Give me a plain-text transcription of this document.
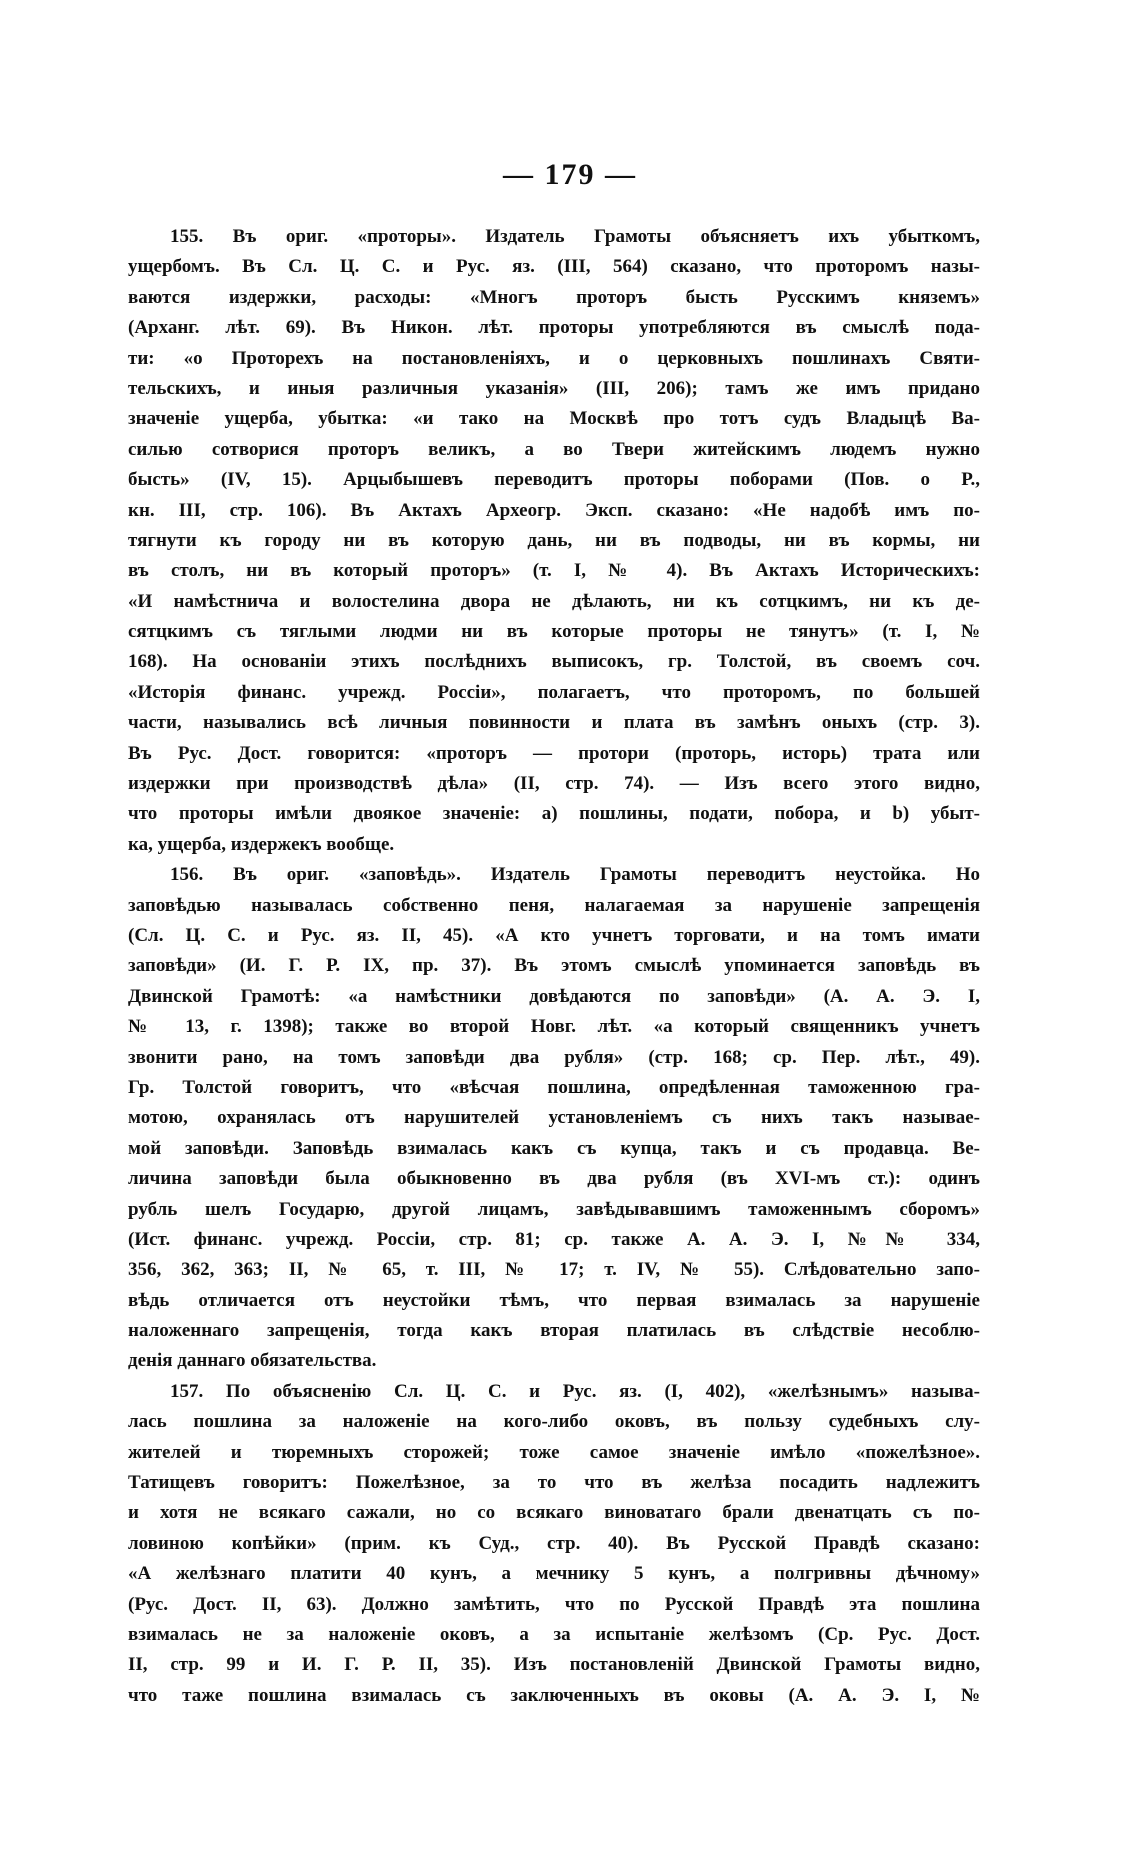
— 179 —
155. Въ ориг. «проторы». Издатель Грамоты объясняетъ ихъ убыткомъ,
ущербомъ. Въ Сл. Ц. С. и Рус. яз. (III, 564) сказано, что проторомъ назы-
ваются издержки, расходы: «Многъ проторъ бысть Русскимъ княземъ»
(Арханг. лѣт. 69). Въ Никон. лѣт. проторы употребляются въ смыслѣ пода-
ти: «о Проторехъ на постановленіяхъ, и о церковныхъ пошлинахъ Святи-
тельскихъ, и иныя различныя указанія» (III, 206); тамъ же имъ придано
значеніе ущерба, убытка: «и тако на Москвѣ про тотъ судъ Владыцѣ Ва-
силью сотворися проторъ великъ, а во Твери житейскимъ людемъ нужно
бысть» (IV, 15). Арцыбышевъ переводитъ проторы поборами (Пов. о Р.,
кн. III, стр. 106). Въ Актахъ Археогр. Эксп. сказано: «Не надобѣ имъ по-
тягнути къ городу ни въ которую дань, ни въ подводы, ни въ кормы, ни
въ столъ, ни въ который проторъ» (т. I, № 4). Въ Актахъ Историческихъ:
«И намѣстнича и волостелина двора не дѣлають, ни къ сотцкимъ, ни къ де-
сятцкимъ съ тяглыми людми ни въ которые проторы не тянутъ» (т. I, №
168). На основаніи этихъ послѣднихъ выписокъ, гр. Толстой, въ своемъ соч.
«Исторія финанс. учрежд. Россіи», полагаетъ, что проторомъ, по большей
части, назывались всѣ личныя повинности и плата въ замѣнъ оныхъ (стр. 3).
Въ Рус. Дост. говорится: «проторъ — протори (проторь, исторь) трата или
издержки при производствѣ дѣла» (II, стр. 74). — Изъ всего этого видно,
что проторы имѣли двоякое значеніе: а) пошлины, подати, побора, и b) убыт-
ка, ущерба, издержекъ вообще.
156. Въ ориг. «заповѣдь». Издатель Грамоты переводитъ неустойка. Но
заповѣдью называлась собственно пеня, налагаемая за нарушеніе запрещенія
(Сл. Ц. С. и Рус. яз. II, 45). «А кто учнетъ торговати, и на томъ имати
заповѣди» (И. Г. Р. IX, пр. 37). Въ этомъ смыслѣ упоминается заповѣдь въ
Двинской Грамотѣ: «а намѣстники довѣдаются по заповѣди» (А. А. Э. I,
№ 13, г. 1398); также во второй Новг. лѣт. «а который священникъ учнетъ
звонити рано, на томъ заповѣди два рубля» (стр. 168; ср. Пер. лѣт., 49).
Гр. Толстой говоритъ, что «вѣсчая пошлина, опредѣленная таможенною гра-
мотою, охранялась отъ нарушителей установленіемъ съ нихъ такъ называе-
мой заповѣди. Заповѣдь взималась какъ съ купца, такъ и съ продавца. Ве-
личина заповѣди была обыкновенно въ два рубля (въ XVI-мъ ст.): одинъ
рубль шелъ Государю, другой лицамъ, завѣдывавшимъ таможеннымъ сборомъ»
(Ист. финанс. учрежд. Россіи, стр. 81; ср. также А. А. Э. I, №№ 334,
356, 362, 363; II, № 65, т. III, № 17; т. IV, № 55). Слѣдовательно запо-
вѣдь отличается отъ неустойки тѣмъ, что первая взималась за нарушеніе
наложеннаго запрещенія, тогда какъ вторая платилась въ слѣдствіе несоблю-
денія даннаго обязательства.
157. По объясненію Сл. Ц. С. и Рус. яз. (I, 402), «желѣзнымъ» называ-
лась пошлина за наложеніе на кого-либо оковъ, въ пользу судебныхъ слу-
жителей и тюремныхъ сторожей; тоже самое значеніе имѣло «пожелѣзное».
Татищевъ говоритъ: Пожелѣзное, за то что въ желѣза посадить надлежитъ
и хотя не всякаго сажали, но со всякаго виноватаго брали двенатцать съ по-
ловиною копѣйки» (прим. къ Суд., стр. 40). Въ Русской Правдѣ сказано:
«А желѣзнаго платити 40 кунъ, а мечнику 5 кунъ, а полгривны дѣчному»
(Рус. Дост. II, 63). Должно замѣтить, что по Русской Правдѣ эта пошлина
взималась не за наложеніе оковъ, а за испытаніе желѣзомъ (Ср. Рус. Дост.
II, стр. 99 и И. Г. Р. II, 35). Изъ постановленій Двинской Грамоты видно,
что таже пошлина взималась съ заключенныхъ въ оковы (А. А. Э. I, №
